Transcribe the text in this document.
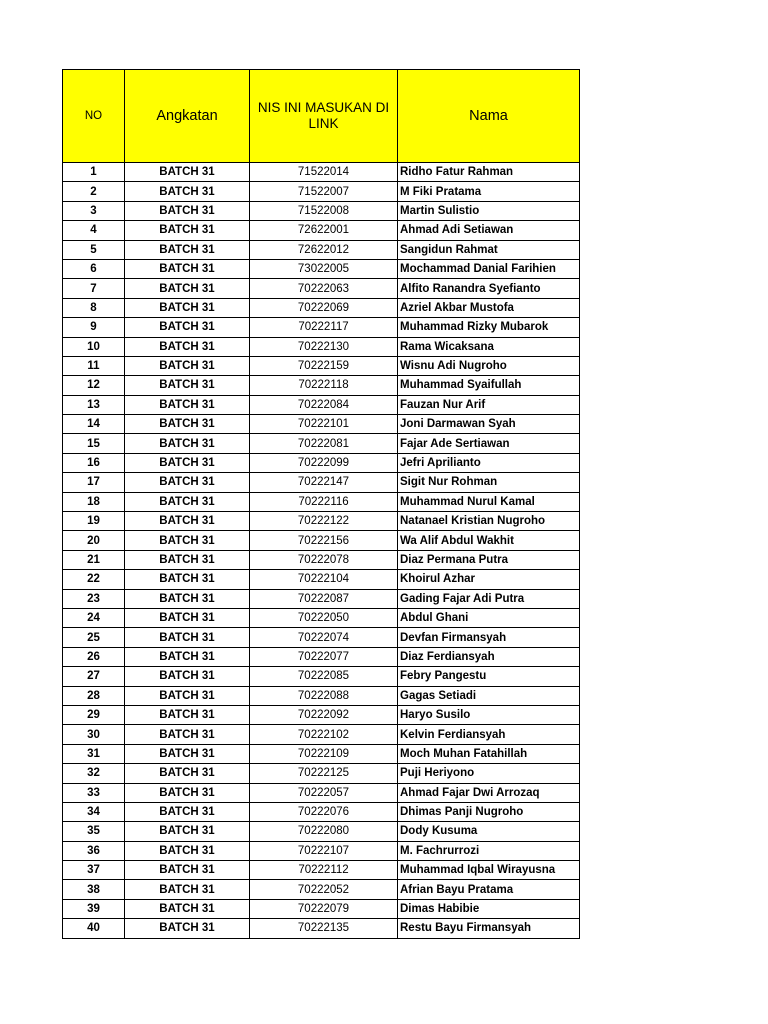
NO	Angkatan	NIS INI MASUKAN DI LINK	Nama
1	BATCH 31	71522014	Ridho Fatur Rahman
2	BATCH 31	71522007	M Fiki Pratama
3	BATCH 31	71522008	Martin Sulistio
4	BATCH 31	72622001	Ahmad Adi Setiawan
5	BATCH 31	72622012	Sangidun Rahmat
6	BATCH 31	73022005	Mochammad Danial Farihien
7	BATCH 31	70222063	Alfito Ranandra Syefianto
8	BATCH 31	70222069	Azriel Akbar Mustofa
9	BATCH 31	70222117	Muhammad Rizky Mubarok
10	BATCH 31	70222130	Rama Wicaksana
11	BATCH 31	70222159	Wisnu Adi Nugroho
12	BATCH 31	70222118	Muhammad Syaifullah
13	BATCH 31	70222084	Fauzan Nur Arif
14	BATCH 31	70222101	Joni Darmawan Syah
15	BATCH 31	70222081	Fajar Ade Sertiawan
16	BATCH 31	70222099	Jefri Aprilianto
17	BATCH 31	70222147	Sigit Nur Rohman
18	BATCH 31	70222116	Muhammad Nurul Kamal
19	BATCH 31	70222122	Natanael Kristian Nugroho
20	BATCH 31	70222156	Wa Alif Abdul Wakhit
21	BATCH 31	70222078	Diaz Permana Putra
22	BATCH 31	70222104	Khoirul Azhar
23	BATCH 31	70222087	Gading Fajar Adi Putra
24	BATCH 31	70222050	Abdul Ghani
25	BATCH 31	70222074	Devfan Firmansyah
26	BATCH 31	70222077	Diaz Ferdiansyah
27	BATCH 31	70222085	Febry Pangestu
28	BATCH 31	70222088	Gagas Setiadi
29	BATCH 31	70222092	Haryo Susilo
30	BATCH 31	70222102	Kelvin Ferdiansyah
31	BATCH 31	70222109	Moch Muhan Fatahillah
32	BATCH 31	70222125	Puji Heriyono
33	BATCH 31	70222057	Ahmad Fajar Dwi Arrozaq
34	BATCH 31	70222076	Dhimas Panji Nugroho
35	BATCH 31	70222080	Dody Kusuma
36	BATCH 31	70222107	M. Fachrurrozi
37	BATCH 31	70222112	Muhammad Iqbal Wirayusna
38	BATCH 31	70222052	Afrian Bayu Pratama
39	BATCH 31	70222079	Dimas Habibie
40	BATCH 31	70222135	Restu Bayu Firmansyah
